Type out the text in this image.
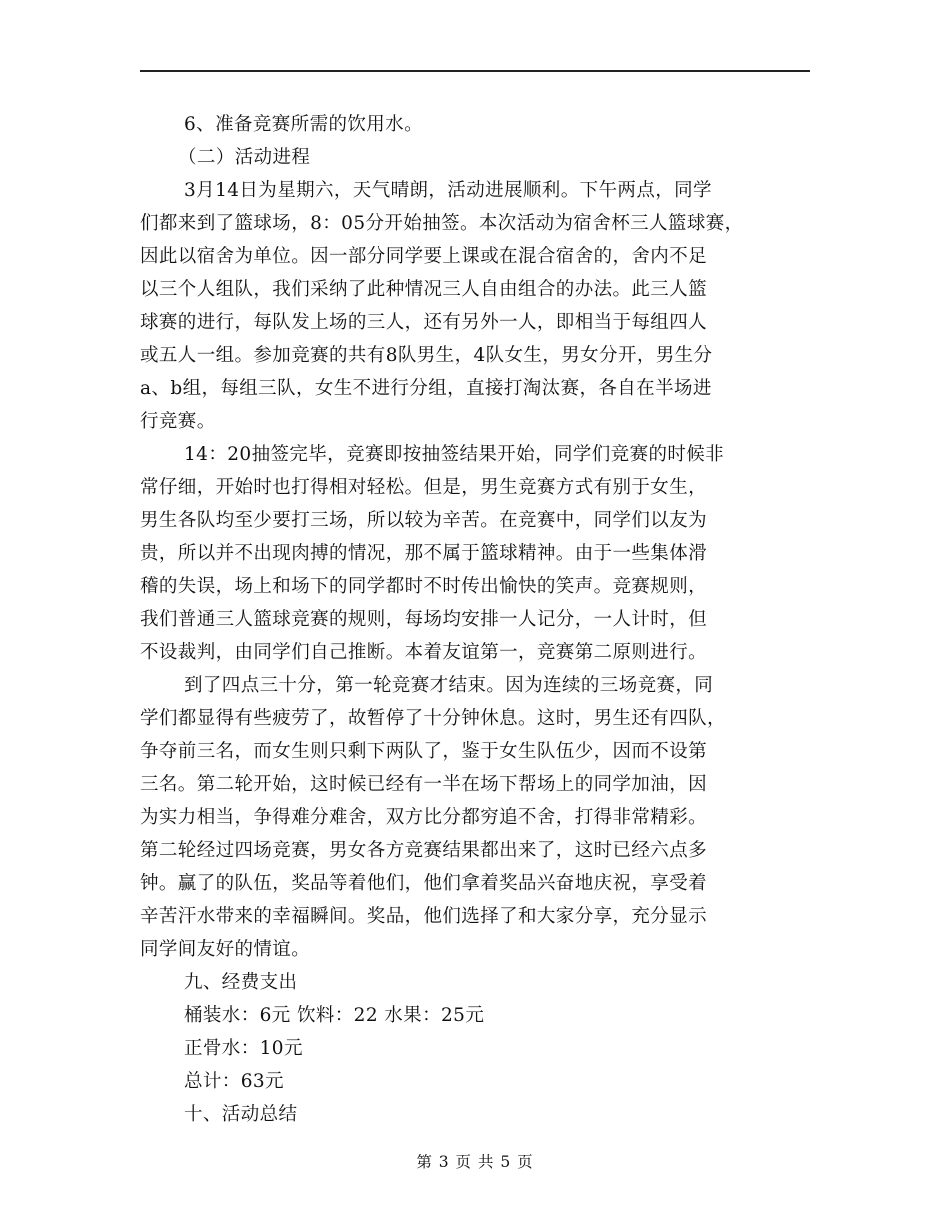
6、准备竞赛所需的饮用水。
（二）活动进程
3月14日为星期六，天气晴朗，活动进展顺利。下午两点，同学
们都来到了篮球场，8：05分开始抽签。本次活动为宿舍杯三人篮球赛，
因此以宿舍为单位。因一部分同学要上课或在混合宿舍的，舍内不足
以三个人组队，我们采纳了此种情况三人自由组合的办法。此三人篮
球赛的进行，每队发上场的三人，还有另外一人，即相当于每组四人
或五人一组。参加竞赛的共有8队男生，4队女生，男女分开，男生分
a、b组，每组三队，女生不进行分组，直接打淘汰赛，各自在半场进
行竞赛。
14：20抽签完毕，竞赛即按抽签结果开始，同学们竞赛的时候非
常仔细，开始时也打得相对轻松。但是，男生竞赛方式有别于女生，
男生各队均至少要打三场，所以较为辛苦。在竞赛中，同学们以友为
贵，所以并不出现肉搏的情况，那不属于篮球精神。由于一些集体滑
稽的失误，场上和场下的同学都时不时传出愉快的笑声。竞赛规则，
我们普通三人篮球竞赛的规则，每场均安排一人记分，一人计时，但
不设裁判，由同学们自己推断。本着友谊第一，竞赛第二原则进行。
到了四点三十分，第一轮竞赛才结束。因为连续的三场竞赛，同
学们都显得有些疲劳了，故暂停了十分钟休息。这时，男生还有四队，
争夺前三名，而女生则只剩下两队了，鉴于女生队伍少，因而不设第
三名。第二轮开始，这时候已经有一半在场下帮场上的同学加油，因
为实力相当，争得难分难舍，双方比分都穷追不舍，打得非常精彩。
第二轮经过四场竞赛，男女各方竞赛结果都出来了，这时已经六点多
钟。赢了的队伍，奖品等着他们，他们拿着奖品兴奋地庆祝，享受着
辛苦汗水带来的幸福瞬间。奖品，他们选择了和大家分享，充分显示
同学间友好的情谊。
九、经费支出
桶装水：6元 饮料：22 水果：25元
正骨水：10元
总计：63元
十、活动总结
第 3 页 共 5 页
